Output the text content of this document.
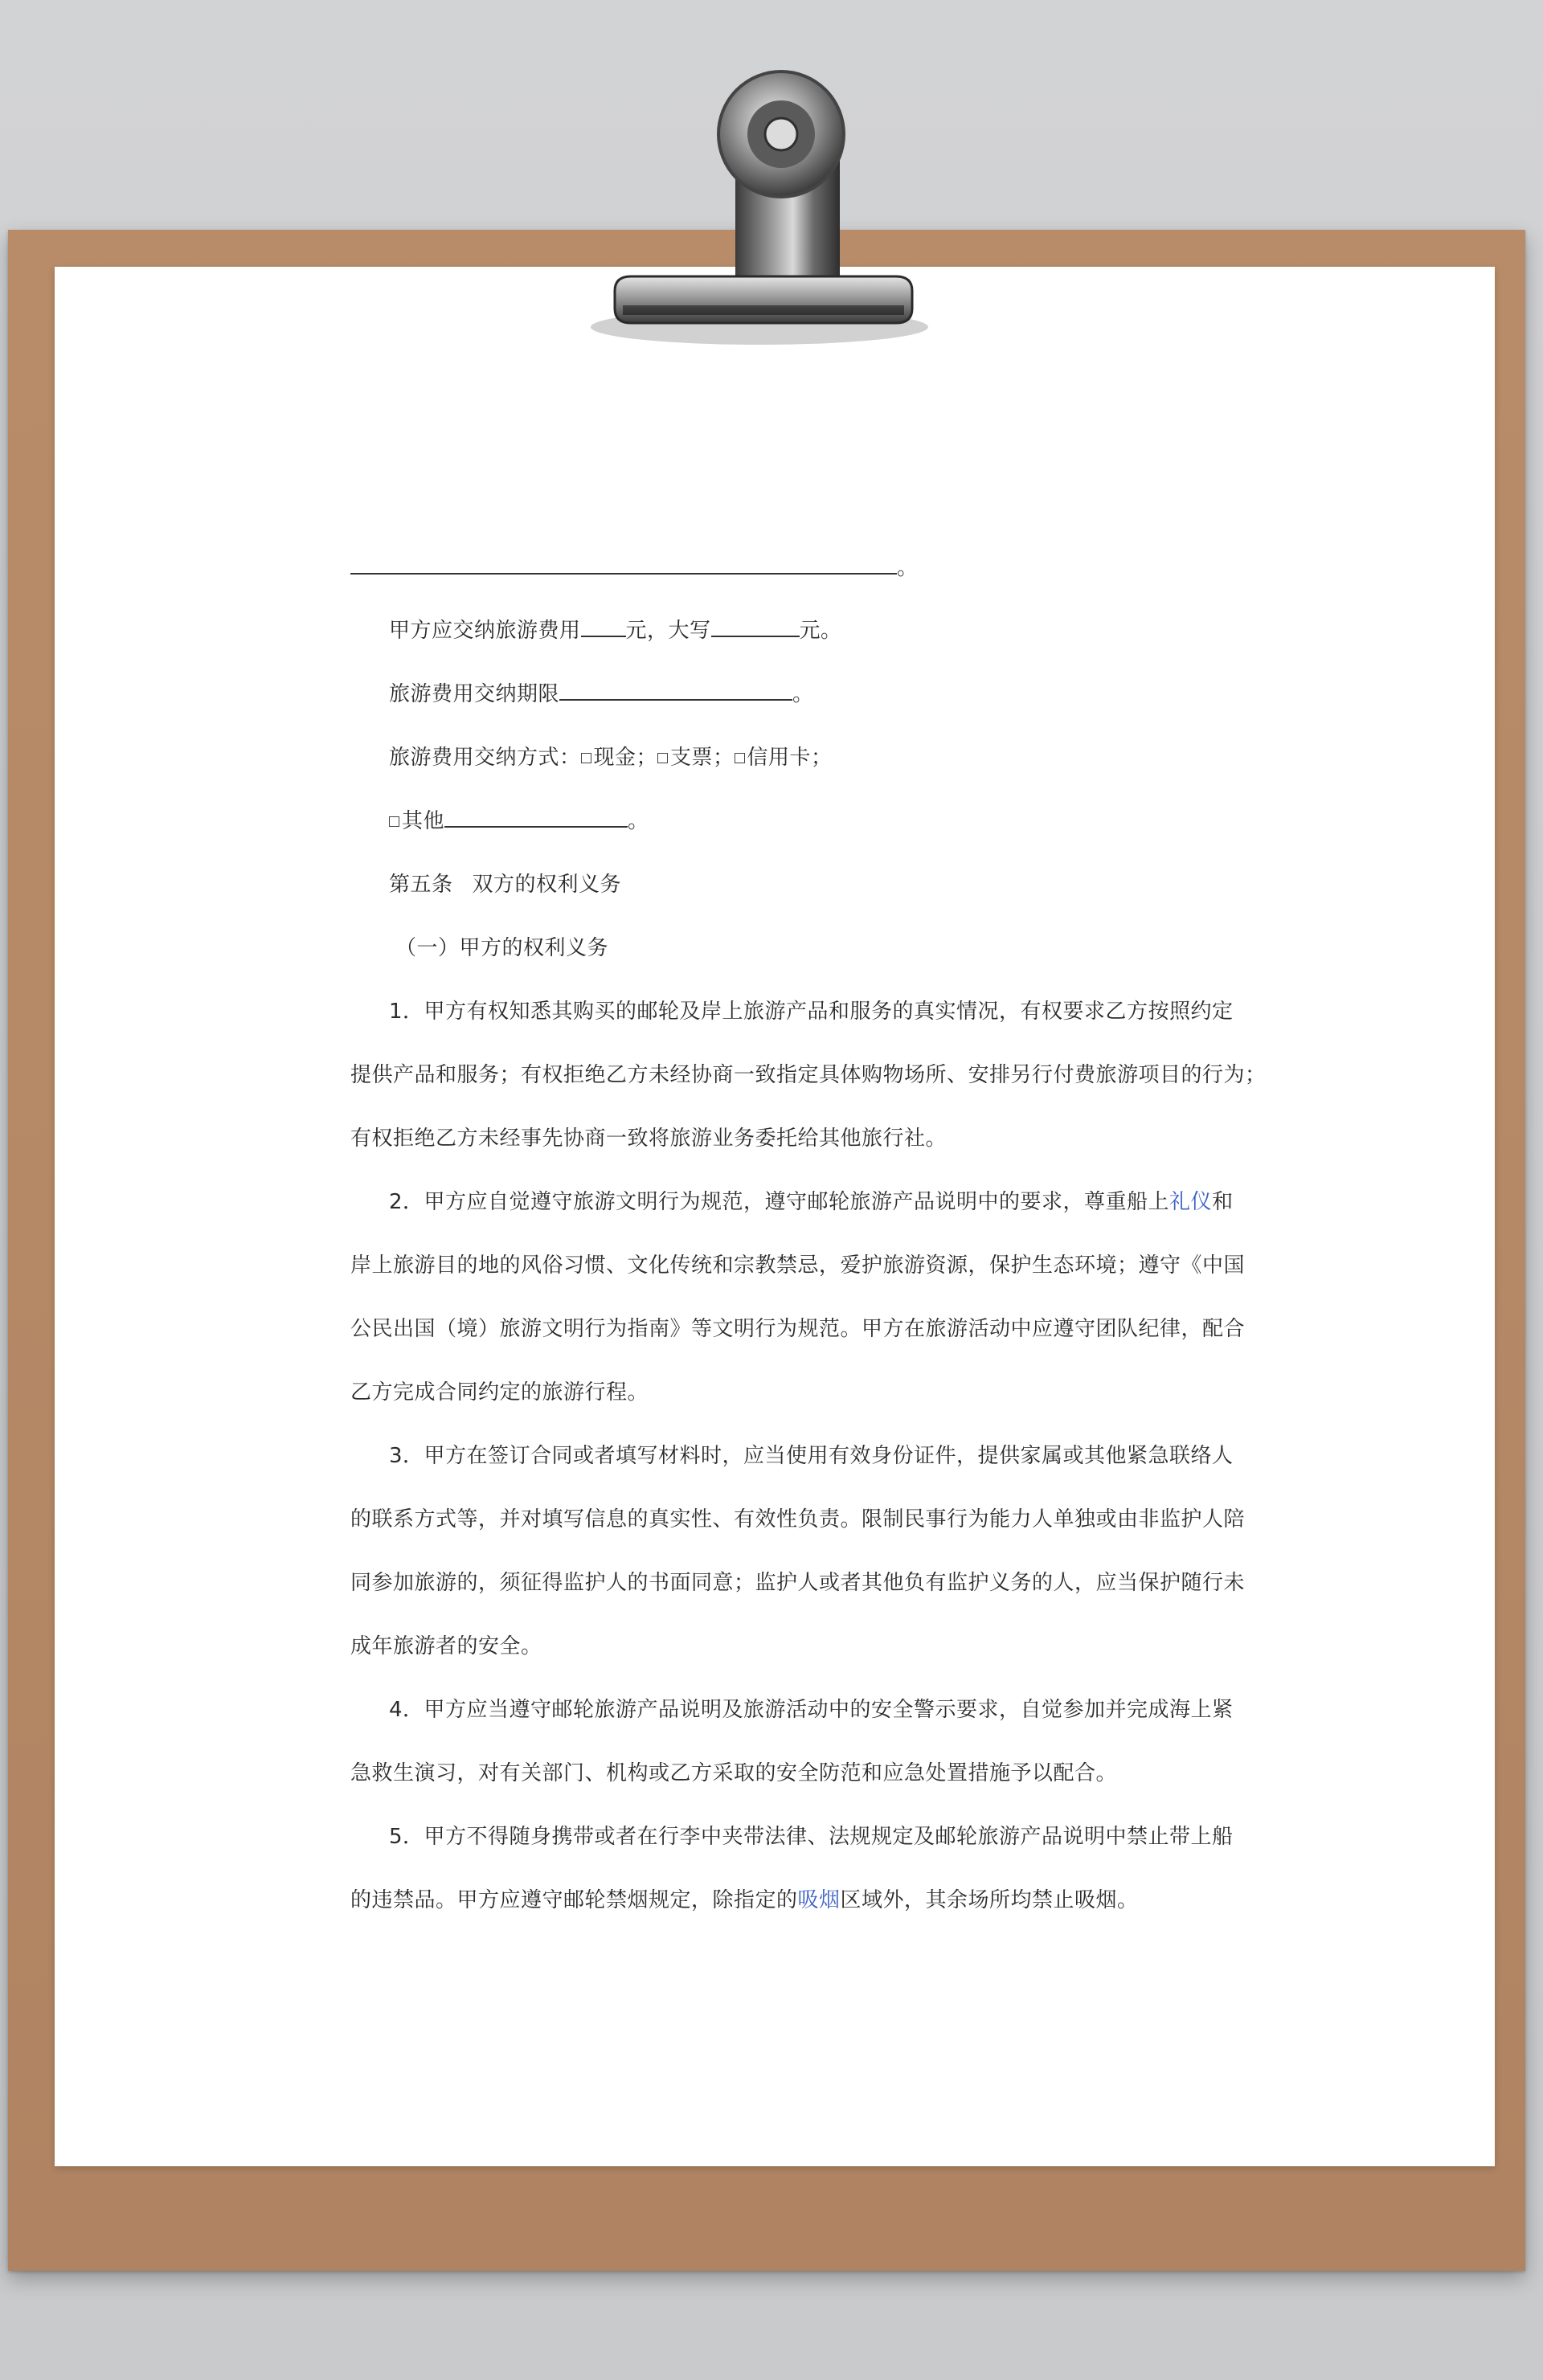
。
甲方应交纳旅游费用 元，大写	元。
旅游费用交纳期限	。
旅游费用交纳方式： 现金； 支票； 信用卡；
其他	。
第五条 双方的权利义务
（一）甲方的权利义务
1．甲方有权知悉其购买的邮轮及岸上旅游产品和服务的真实情况，有权要求乙方按照约定
提供产品和服务；有权拒绝乙方未经协商一致指定具体购物场所、安排另行付费旅游项目的行为；
有权拒绝乙方未经事先协商一致将旅游业务委托给其他旅行社。
2．甲方应自觉遵守旅游文明行为规范，遵守邮轮旅游产品说明中的要求，尊重船上礼仪和
岸上旅游目的地的风俗习惯、文化传统和宗教禁忌，爱护旅游资源，保护生态环境；遵守《中国
公民出国（境）旅游文明行为指南》等文明行为规范。甲方在旅游活动中应遵守团队纪律，配合
乙方完成合同约定的旅游行程。
3．甲方在签订合同或者填写材料时，应当使用有效身份证件，提供家属或其他紧急联络人
的联系方式等，并对填写信息的真实性、有效性负责。限制民事行为能力人单独或由非监护人陪
同参加旅游的，须征得监护人的书面同意；监护人或者其他负有监护义务的人，应当保护随行未
成年旅游者的安全。
4．甲方应当遵守邮轮旅游产品说明及旅游活动中的安全警示要求，自觉参加并完成海上紧
急救生演习，对有关部门、机构或乙方采取的安全防范和应急处置措施予以配合。
5．甲方不得随身携带或者在行李中夹带法律、法规规定及邮轮旅游产品说明中禁止带上船
的违禁品。甲方应遵守邮轮禁烟规定，除指定的吸烟区域外，其余场所均禁止吸烟。
